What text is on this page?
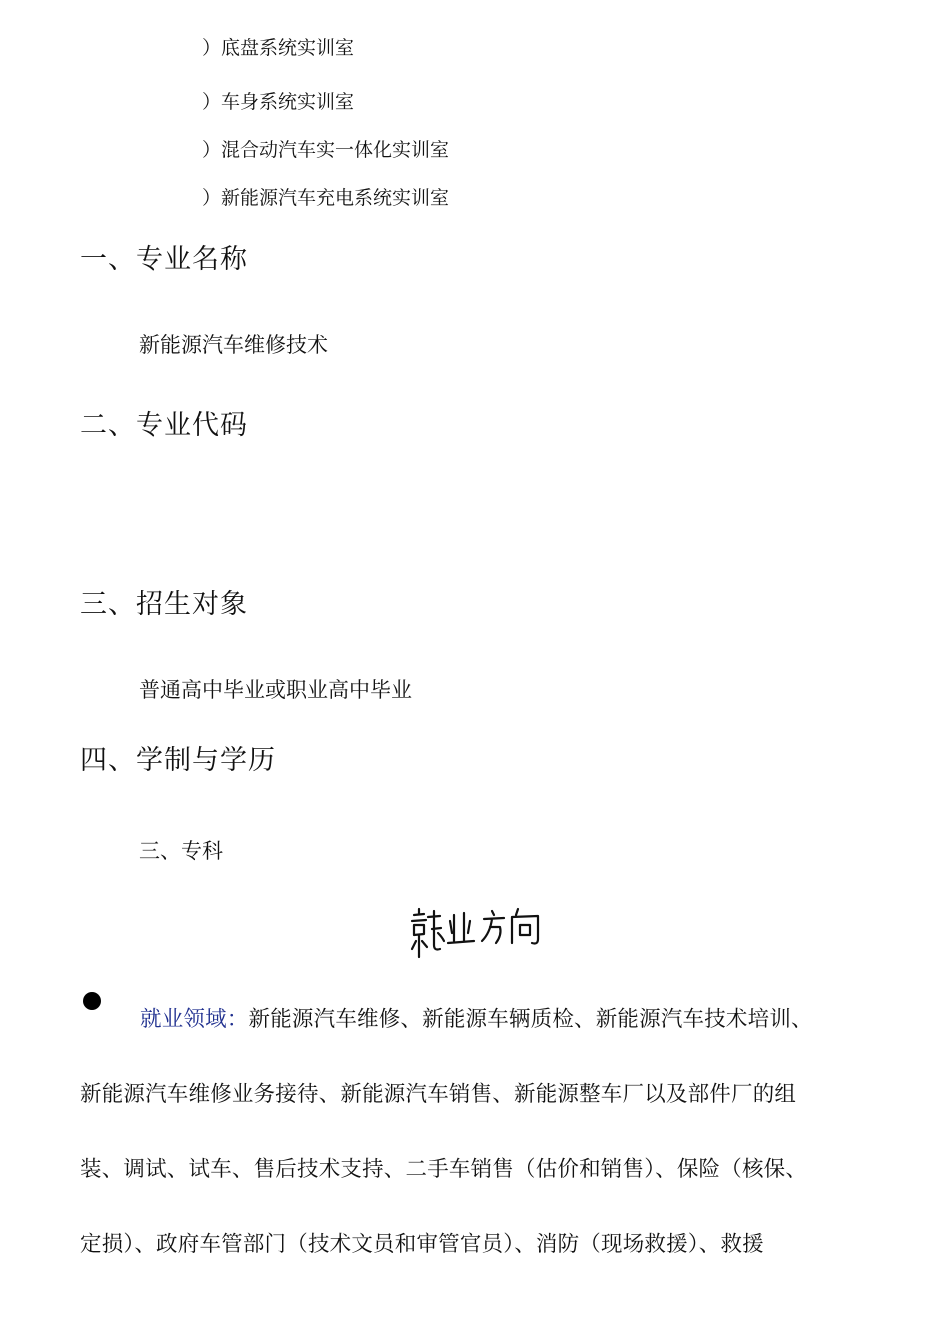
）底盘系统实训室
）车身系统实训室
）混合动汽车实一体化实训室
）新能源汽车充电系统实训室
一、专业名称
新能源汽车维修技术
二、专业代码
三、招生对象
普通高中毕业或职业高中毕业
四、学制与学历
三、专科
就业领域：新能源汽车维修、新能源车辆质检、新能源汽车技术培训、
新能源汽车维修业务接待、新能源汽车销售、新能源整车厂以及部件厂的组
装、调试、试车、售后技术支持、二手车销售（估价和销售）、保险（核保、
定损）、政府车管部门（技术文员和审管官员）、消防（现场救援）、救援
